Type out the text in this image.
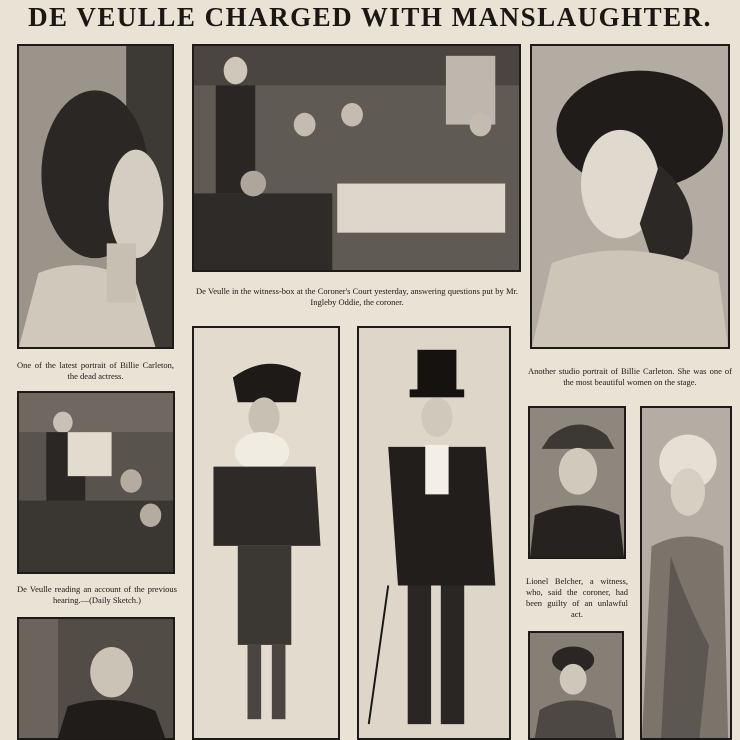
DE VEULLE CHARGED WITH MANSLAUGHTER.
De Veulle in the witness-box at the Coroner's Court yesterday, answering questions put by Mr. Ingleby Oddie, the coroner.
One of the latest portrait of Billie Carleton, the dead actress.	Another studio portrait of Billie Carleton. She was one of the most beautiful women on the stage.
De Veulle reading an account of the previous hearing.—(Daily Sketch.)
Lionel Belcher, a witness, who, said the coroner, had been guilty of an unlawful act.
